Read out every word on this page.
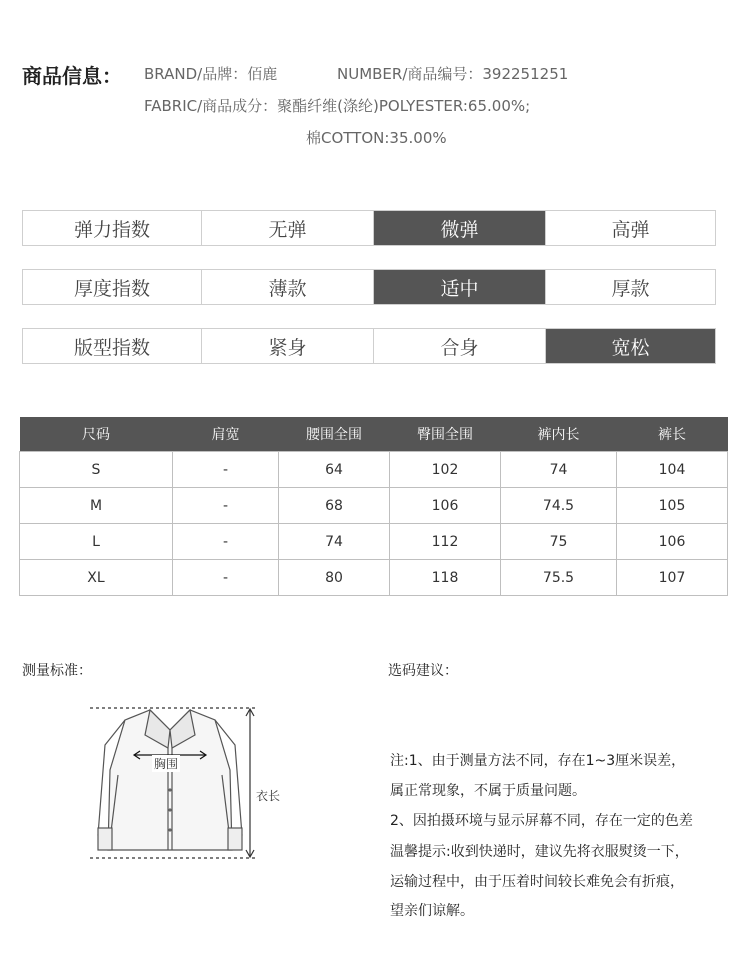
商品信息： BRAND/品牌：佰鹿	NUMBER/商品编号：392251251
FABRIC/商品成分：聚酯纤维(涤纶)POLYESTER:65.00%;
棉COTTON:35.00%
弹力指数	无弹	微弹	高弹
厚度指数	薄款	适中	厚款
版型指数	紧身	合身	宽松
尺码	肩宽	腰围全围	臀围全围	裤内长	裤长
S	-	64	102	74	104
M	-	68	106	74.5	105
L	-	74	112	75	106
XL	-	80	118	75.5	107
测量标准：
胸围
衣长
选码建议：
注:1、由于测量方法不同，存在1~3厘米误差，
属正常现象，不属于质量问题。
2、因拍摄环境与显示屏幕不同，存在一定的色差
温馨提示:收到快递时，建议先将衣服熨烫一下，
运输过程中，由于压着时间较长难免会有折痕，
望亲们谅解。
